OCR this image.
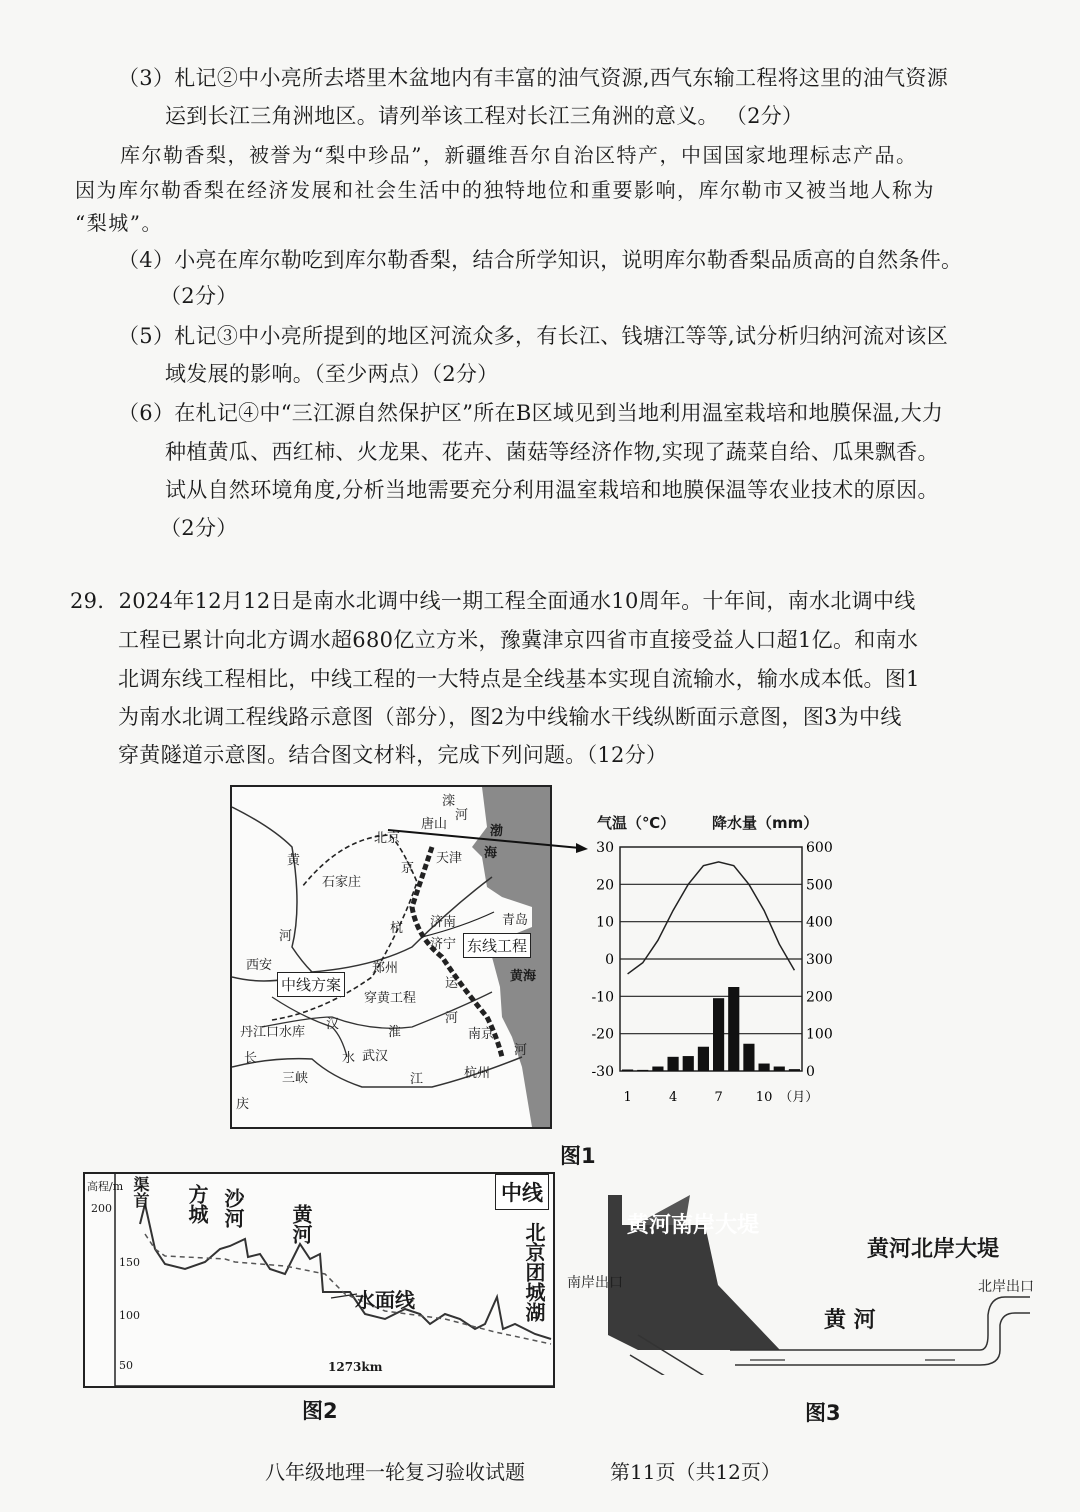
（3）札记②中小亮所去塔里木盆地内有丰富的油气资源,西气东输工程将这里的油气资源
运到长江三角洲地区。请列举该工程对长江三角洲的意义。 （2分）
库尔勒香梨，被誉为“梨中珍品”，新疆维吾尔自治区特产，中国国家地理标志产品。
因为库尔勒香梨在经济发展和社会生活中的独特地位和重要影响，库尔勒市又被当地人称为
“梨城”。
（4）小亮在库尔勒吃到库尔勒香梨，结合所学知识，说明库尔勒香梨品质高的自然条件。
（2分）
（5）札记③中小亮所提到的地区河流众多，有长江、钱塘江等等,试分析归纳河流对该区
域发展的影响。（至少两点）（2分）
（6）在札记④中“三江源自然保护区”所在B区域见到当地利用温室栽培和地膜保温,大力
种植黄瓜、西红柿、火龙果、花卉、菌菇等经济作物,实现了蔬菜自给、瓜果飘香。
试从自然环境角度,分析当地需要充分利用温室栽培和地膜保温等农业技术的原因。
（2分）
29．2024年12月12日是南水北调中线一期工程全面通水10周年。十年间，南水北调中线
工程已累计向北方调水超680亿立方米，豫冀津京四省市直接受益人口超1亿。和南水
北调东线工程相比，中线工程的一大特点是全线基本实现自流输水，输水成本低。图1
为南水北调工程线路示意图（部分），图2为中线输水干线纵断面示意图，图3为中线
穿黄隧道示意图。结合图文材料，完成下列问题。（12分）
滦
河
唐山
北京	渤
海
天津
京
黄
石家庄
济南	青岛
河
杭
济宁 东线工程
西安	郑州
黄海
中线方案	运
穿黄工程
河
丹江口水库
汉
淮	南京
河
长	水 武汉
三峡	江	杭州
庆
气温（℃） 降水量（mm）
30	600
20	500
10	400
0	300
-10	200
-20	100
-30	0
1	4	7	10 （月）
图1
高程/m
200
150
100
50
渠首 方城 沙河 黄河
水面线	北京团城湖
1273km
中线
图2
黄河南岸大堤
黄河北岸大堤
南岸出口	北岸出口
黄 河
图3
八年级地理一轮复习验收试题	第11页（共12页）
